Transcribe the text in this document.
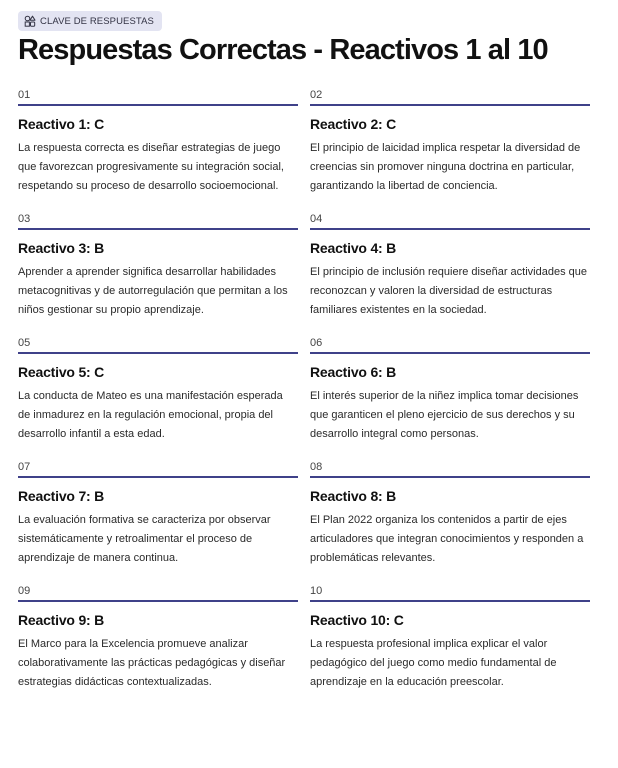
CLAVE DE RESPUESTAS
Respuestas Correctas - Reactivos 1 al 10
01
Reactivo 1: C
La respuesta correcta es diseñar estrategias de juego que favorezcan progresivamente su integración social, respetando su proceso de desarrollo socioemocional.
02
Reactivo 2: C
El principio de laicidad implica respetar la diversidad de creencias sin promover ninguna doctrina en particular, garantizando la libertad de conciencia.
03
Reactivo 3: B
Aprender a aprender significa desarrollar habilidades metacognitivas y de autorregulación que permitan a los niños gestionar su propio aprendizaje.
04
Reactivo 4: B
El principio de inclusión requiere diseñar actividades que reconozcan y valoren la diversidad de estructuras familiares existentes en la sociedad.
05
Reactivo 5: C
La conducta de Mateo es una manifestación esperada de inmadurez en la regulación emocional, propia del desarrollo infantil a esta edad.
06
Reactivo 6: B
El interés superior de la niñez implica tomar decisiones que garanticen el pleno ejercicio de sus derechos y su desarrollo integral como personas.
07
Reactivo 7: B
La evaluación formativa se caracteriza por observar sistemáticamente y retroalimentar el proceso de aprendizaje de manera continua.
08
Reactivo 8: B
El Plan 2022 organiza los contenidos a partir de ejes articuladores que integran conocimientos y responden a problemáticas relevantes.
09
Reactivo 9: B
El Marco para la Excelencia promueve analizar colaborativamente las prácticas pedagógicas y diseñar estrategias didácticas contextualizadas.
10
Reactivo 10: C
La respuesta profesional implica explicar el valor pedagógico del juego como medio fundamental de aprendizaje en la educación preescolar.
